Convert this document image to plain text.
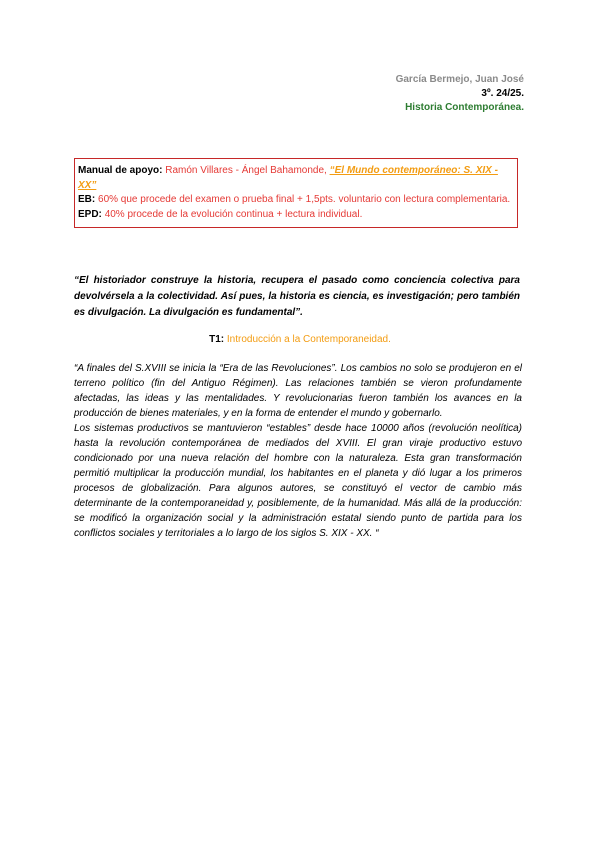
García Bermejo, Juan José
3º. 24/25.
Historia Contemporánea.

Manual de apoyo: Ramón Villares - Ángel Bahamonde, “El Mundo contemporáneo: S. XIX - XX”

EB: 60% que procede del examen o prueba final + 1,5pts. voluntario con lectura complementaria.

EPD: 40% procede de la evolución continua + lectura individual.

“El historiador construye la historia, recupera el pasado como conciencia colectiva para devolvérsela a la colectividad. Así pues, la historia es ciencia, es investigación; pero también es divulgación. La divulgación es fundamental”.

T1: Introducción a la Contemporaneidad.

“A finales del S.XVIII se inicia la “Era de las Revoluciones”. Los cambios no solo se produjeron en el terreno político (fin del Antiguo Régimen). Las relaciones también se vieron profundamente afectadas, las ideas y las mentalidades. Y revolucionarias fueron también los avances en la producción de bienes materiales, y en la forma de entender el mundo y gobernarlo.

Los sistemas productivos se mantuvieron “estables” desde hace 10000 años (revolución neolítica) hasta la revolución contemporánea de mediados del XVIII. El gran viraje productivo estuvo condicionado por una nueva relación del hombre con la naturaleza. Esta gran transformación permitió multiplicar la producción mundial, los habitantes en el planeta y dió lugar a los primeros procesos de globalización. Para algunos autores, se constituyó el vector de cambio más determinante de la contemporaneidad y, posiblemente, de la humanidad. Más allá de la producción: se modificó la organización social y la administración estatal siendo punto de partida para los conflictos sociales y territoriales a lo largo de los siglos S. XIX - XX. “
